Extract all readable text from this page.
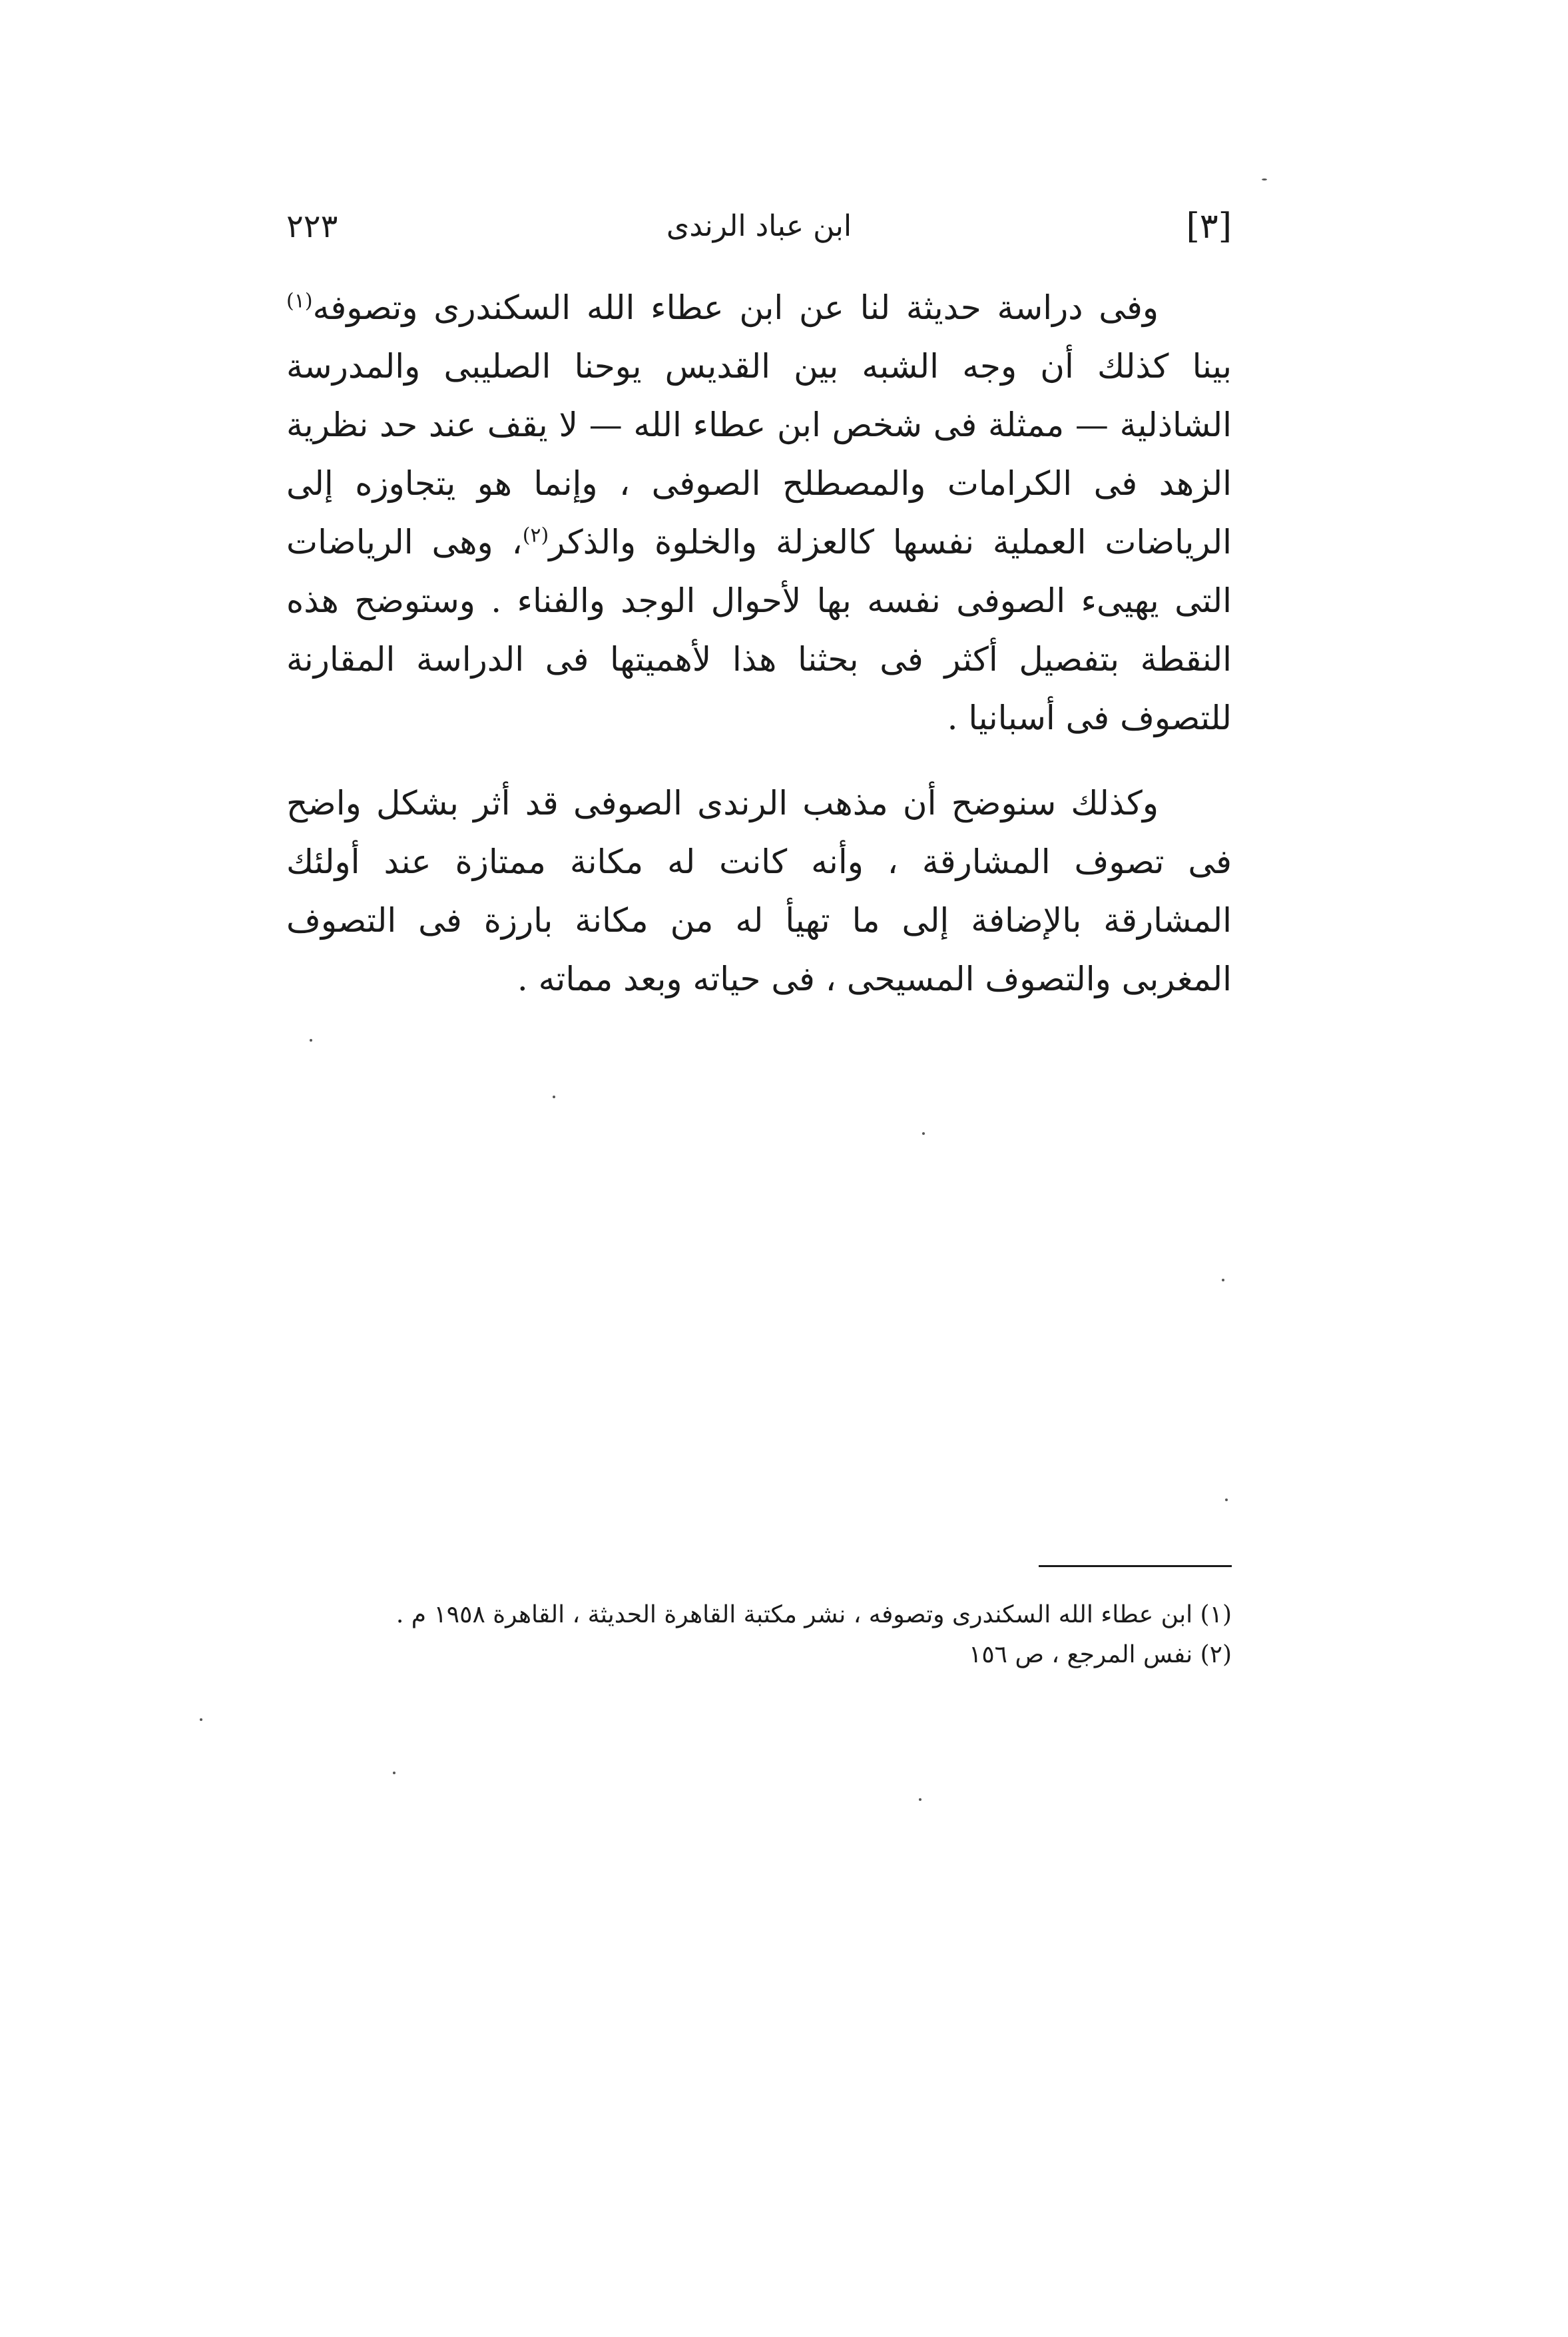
[٣]
ابن عباد الرندى
٢٢٣

وفى دراسة حديثة لنا عن ابن عطاء الله السكندرى وتصوفه$^{(١)}$ بينا كذلك أن وجه الشبه بين القديس يوحنا الصليبى والمدرسة الشاذلية — ممثلة فى شخص ابن عطاء الله — لا يقف عند حد نظرية الزهد فى الكرامات والمصطلح الصوفى ، وإنما هو يتجاوزه إلى الرياضات العملية نفسها كالعزلة والخلوة والذكر$^{(٢)}$، وهى الرياضات التى يهيىء الصوفى نفسه بها لأحوال الوجد والفناء . وستوضح هذه النقطة بتفصيل أكثر فى بحثنا هذا لأهميتها فى الدراسة المقارنة للتصوف فى أسبانيا .

وكذلك سنوضح أن مذهب الرندى الصوفى قد أثر بشكل واضح فى تصوف المشارقة ، وأنه كانت له مكانة ممتازة عند أولئك المشارقة بالإضافة إلى ما تهيأ له من مكانة بارزة فى التصوف المغربى والتصوف المسيحى ، فى حياته وبعد مماته .

(١) ابن عطاء الله السكندرى وتصوفه ، نشر مكتبة القاهرة الحديثة ، القاهرة ١٩٥٨ م .

(٢) نفس المرجع ، ص ١٥٦
